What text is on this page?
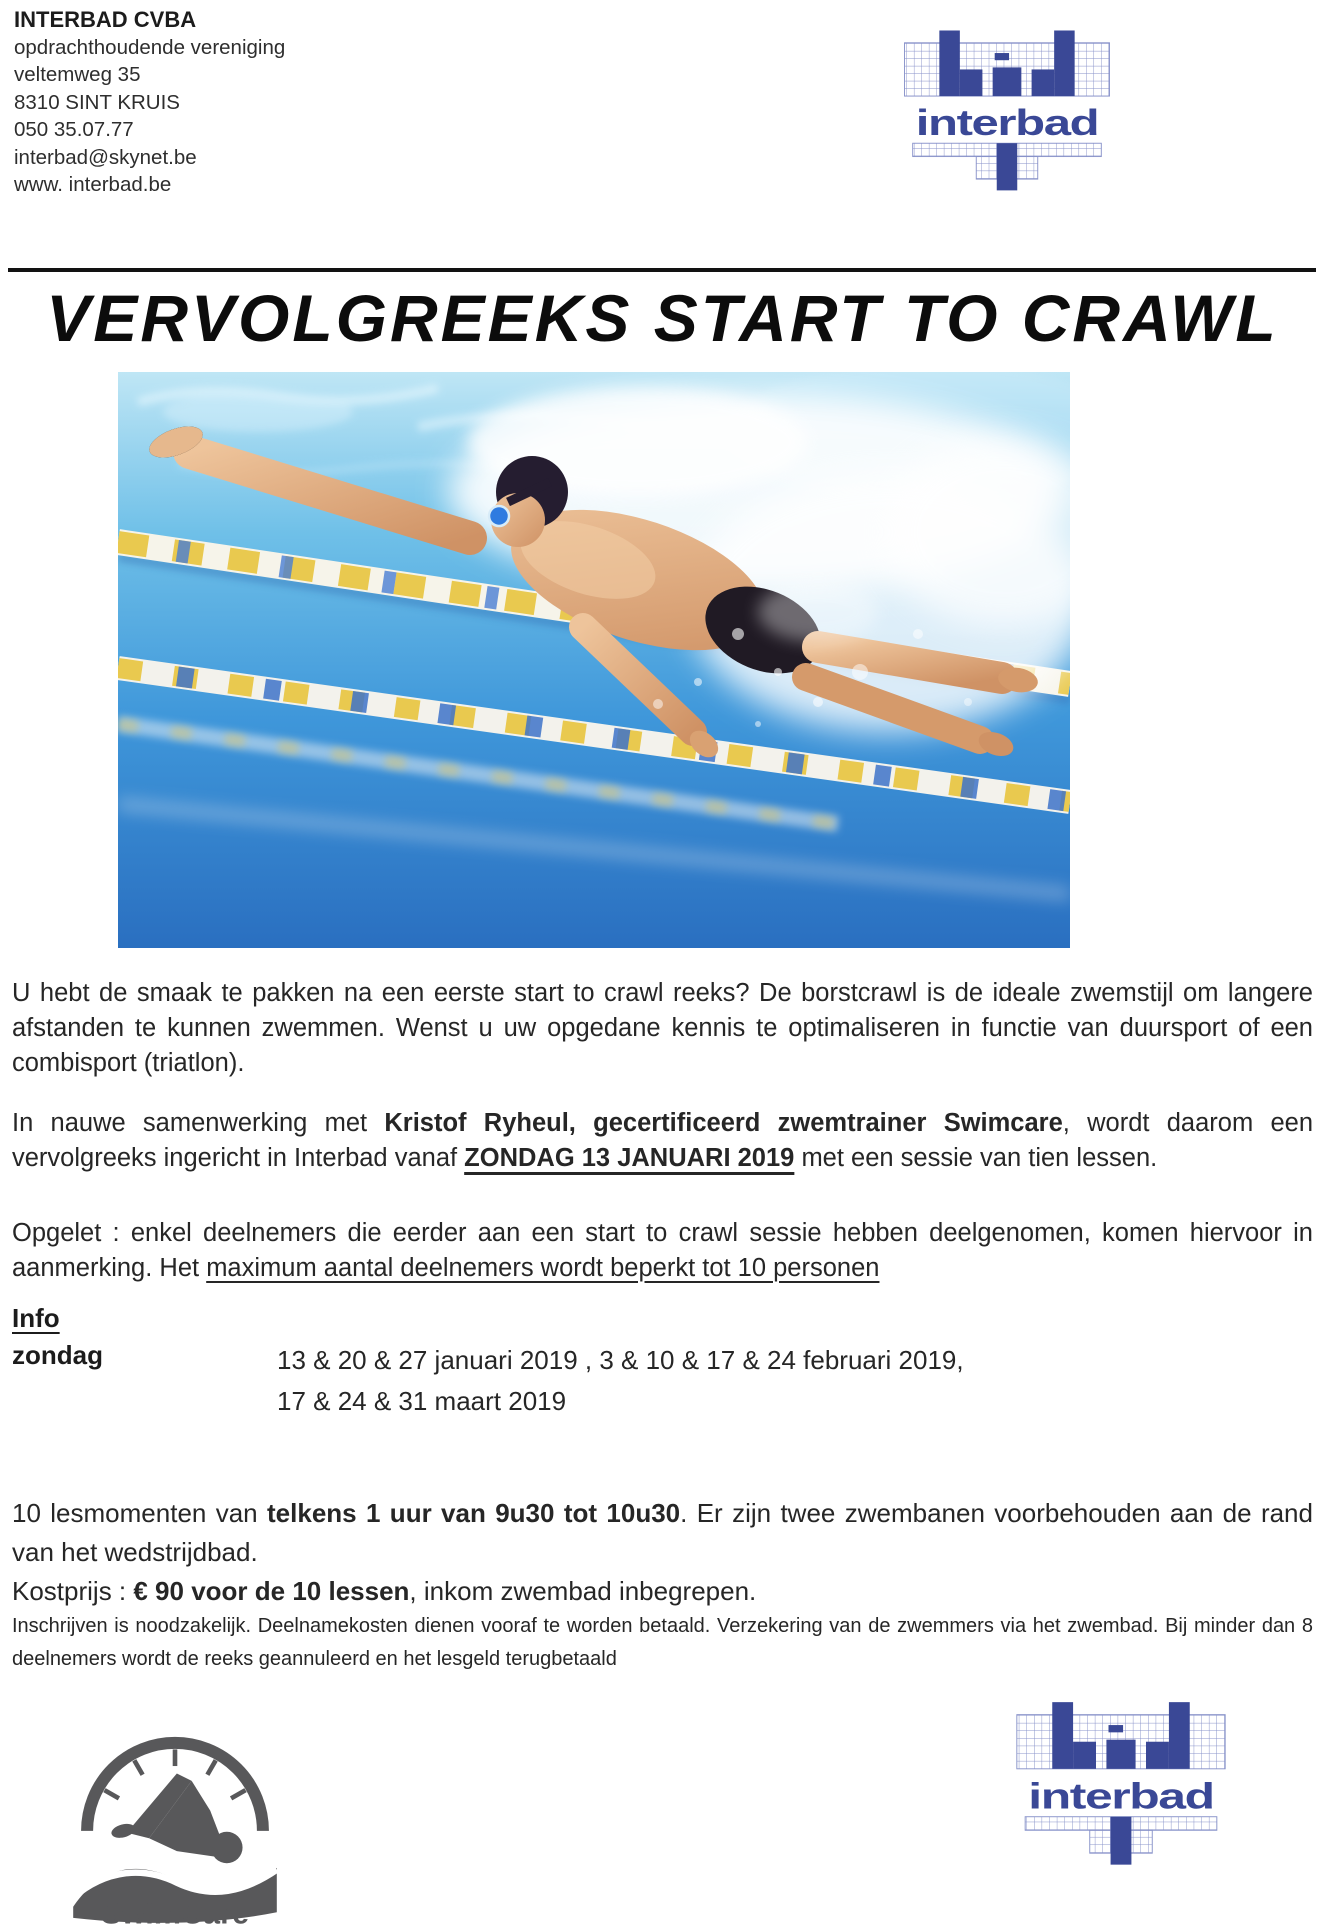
INTERBAD CVBA
opdrachthoudende vereniging
veltemweg 35
8310 SINT KRUIS
050 35.07.77
interbad@skynet.be
www. interbad.be
VERVOLGREEKS START TO CRAWL

U hebt de smaak te pakken na een eerste start to crawl reeks? De borstcrawl is de ideale zwemstijl om langere afstanden te kunnen zwemmen. Wenst u uw opgedane kennis te optimaliseren in functie van duursport of een combisport (triatlon).

In nauwe samenwerking met Kristof Ryheul, gecertificeerd zwemtrainer Swimcare, wordt daarom een vervolgreeks ingericht in Interbad vanaf ZONDAG 13 JANUARI 2019 met een sessie van tien lessen.

Opgelet : enkel deelnemers die eerder aan een start to crawl sessie hebben deelgenomen, komen hiervoor in aanmerking. Het maximum aantal deelnemers wordt beperkt tot 10 personen

Info
zondag	13 & 20 & 27 januari 2019 , 3 & 10 & 17 & 24 februari 2019,
17 & 24 & 31 maart 2019

10 lesmomenten van telkens 1 uur van 9u30 tot 10u30. Er zijn twee zwembanen voorbehouden aan de rand van het wedstrijdbad.

Kostprijs : € 90 voor de 10 lessen, inkom zwembad inbegrepen.

Inschrijven is noodzakelijk. Deelnamekosten dienen vooraf te worden betaald. Verzekering van de zwemmers via het zwembad. Bij minder dan 8 deelnemers wordt de reeks geannuleerd en het lesgeld terugbetaald

SwimCare
